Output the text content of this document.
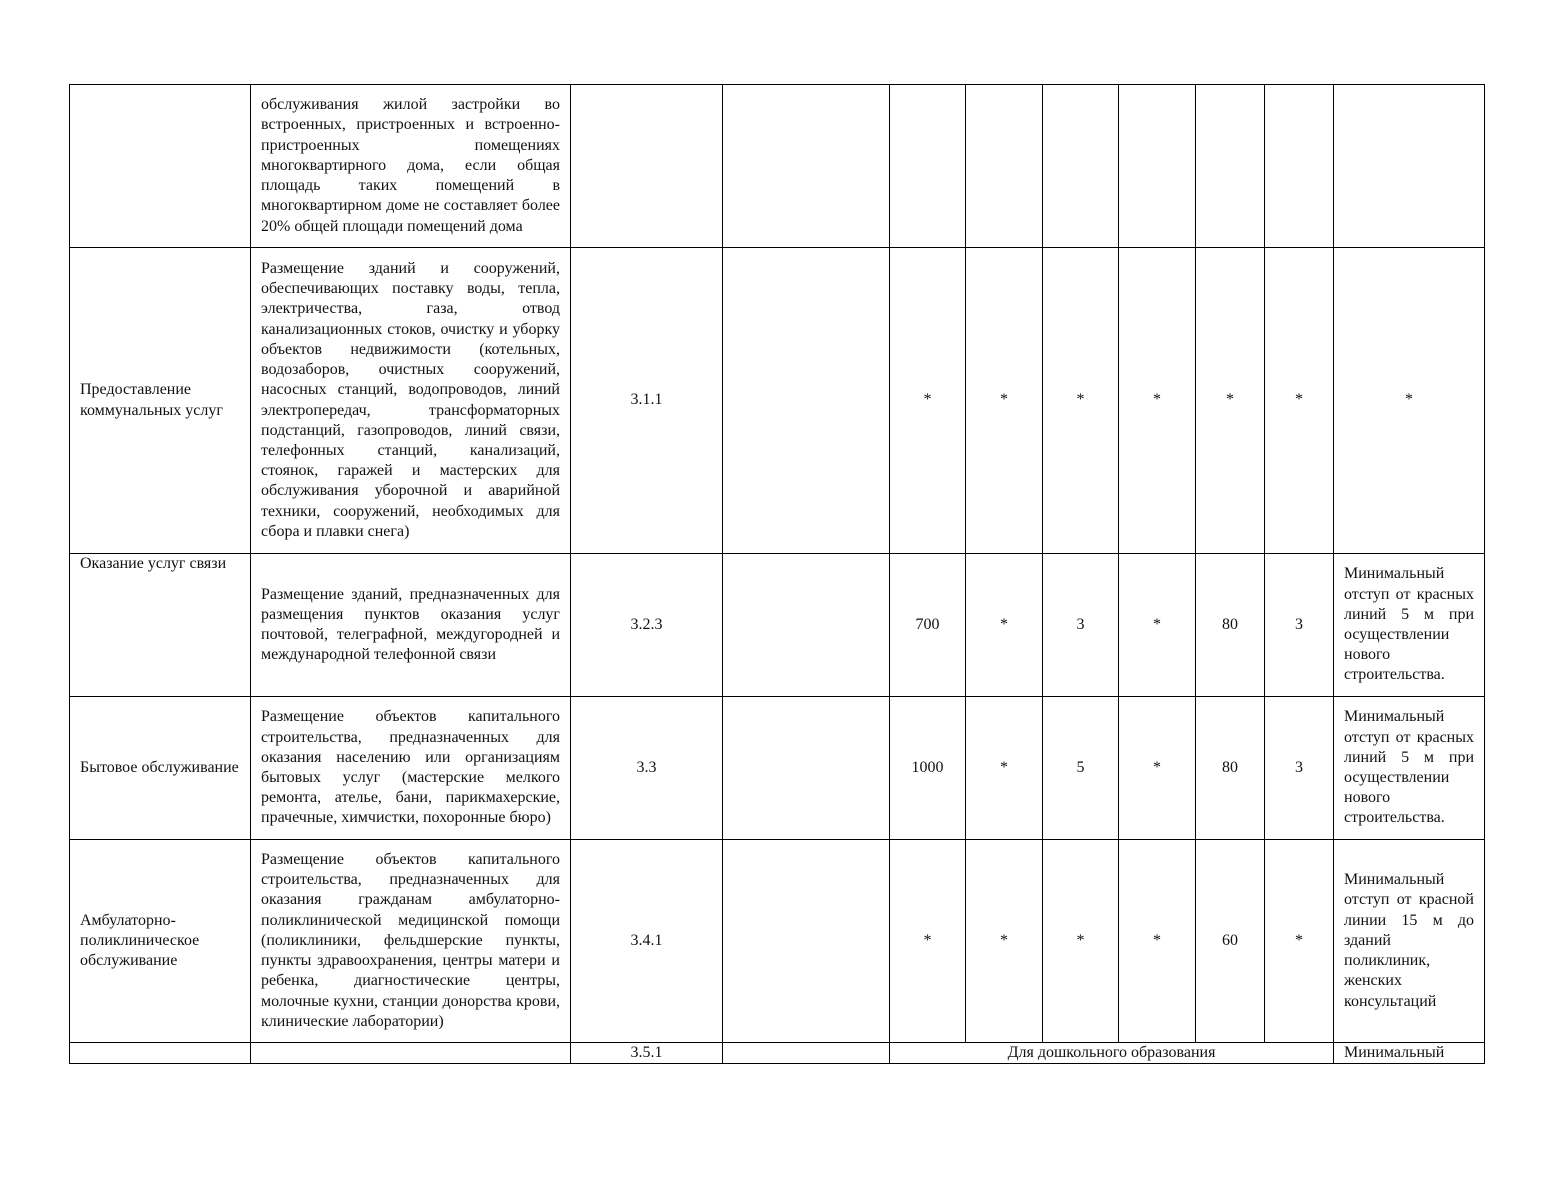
	обслуживания жилой застройки во встроенных, пристроенных и встроенно-пристроенных помещениях многоквартирного дома, если общая площадь таких помещений в многоквартирном доме не составляет более 20% общей площади помещений дома									
Предоставление коммунальных услуг	Размещение зданий и сооружений, обеспечивающих поставку воды, тепла, электричества, газа, отвод канализационных стоков, очистку и уборку объектов недвижимости (котельных, водозаборов, очистных сооружений, насосных станций, водопроводов, линий электропередач, трансформаторных подстанций, газопроводов, линий связи, телефонных станций, канализаций, стоянок, гаражей и мастерских для обслуживания уборочной и аварийной техники, сооружений, необходимых для сбора и плавки снега)	3.1.1		*	*	*	*	*	*	*
Оказание услуг связи	Размещение зданий, предназначенных для размещения пунктов оказания услуг почтовой, телеграфной, междугородней и международной телефонной связи	3.2.3		700	*	3	*	80	3	Минимальный отступ от красных линий 5 м при осуществлении нового строительства.
Бытовое обслуживание	Размещение объектов капитального строительства, предназначенных для оказания населению или организациям бытовых услуг (мастерские мелкого ремонта, ателье, бани, парикмахерские, прачечные, химчистки, похоронные бюро)	3.3		1000	*	5	*	80	3	Минимальный отступ от красных линий 5 м при осуществлении нового строительства.
Амбулаторно-поликлиническое обслуживание	Размещение объектов капитального строительства, предназначенных для оказания гражданам амбулаторно-поликлинической медицинской помощи (поликлиники, фельдшерские пункты, пункты здравоохранения, центры матери и ребенка, диагностические центры, молочные кухни, станции донорства крови, клинические лаборатории)	3.4.1		*	*	*	*	60	*	Минимальный отступ от красной линии 15 м до зданий поликлиник, женских консультаций
		3.5.1		Для дошкольного образования						Минимальный
